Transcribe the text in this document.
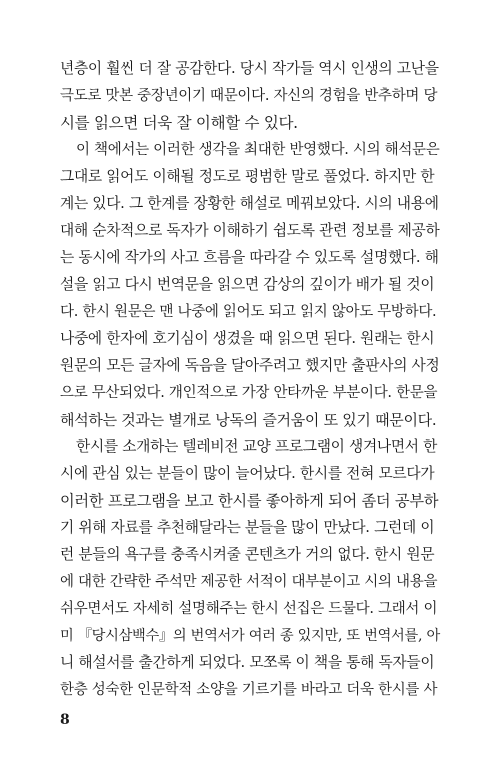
년층이 훨씬 더 잘 공감한다. 당시 작가들 역시 인생의 고난을
극도로 맛본 중장년이기 때문이다. 자신의 경험을 반추하며 당
시를 읽으면 더욱 잘 이해할 수 있다.
이 책에서는 이러한 생각을 최대한 반영했다. 시의 해석문은
그대로 읽어도 이해될 정도로 평범한 말로 풀었다. 하지만 한
계는 있다. 그 한계를 장황한 해설로 메꿔보았다. 시의 내용에
대해 순차적으로 독자가 이해하기 쉽도록 관련 정보를 제공하
는 동시에 작가의 사고 흐름을 따라갈 수 있도록 설명했다. 해
설을 읽고 다시 번역문을 읽으면 감상의 깊이가 배가 될 것이
다. 한시 원문은 맨 나중에 읽어도 되고 읽지 않아도 무방하다.
나중에 한자에 호기심이 생겼을 때 읽으면 된다. 원래는 한시
원문의 모든 글자에 독음을 달아주려고 했지만 출판사의 사정
으로 무산되었다. 개인적으로 가장 안타까운 부분이다. 한문을
해석하는 것과는 별개로 낭독의 즐거움이 또 있기 때문이다.
한시를 소개하는 텔레비전 교양 프로그램이 생겨나면서 한
시에 관심 있는 분들이 많이 늘어났다. 한시를 전혀 모르다가
이러한 프로그램을 보고 한시를 좋아하게 되어 좀더 공부하
기 위해 자료를 추천해달라는 분들을 많이 만났다. 그런데 이
런 분들의 욕구를 충족시켜줄 콘텐츠가 거의 없다. 한시 원문
에 대한 간략한 주석만 제공한 서적이 대부분이고 시의 내용을
쉬우면서도 자세히 설명해주는 한시 선집은 드물다. 그래서 이
미 『당시삼백수』의 번역서가 여러 종 있지만, 또 번역서를, 아
니 해설서를 출간하게 되었다. 모쪼록 이 책을 통해 독자들이
한층 성숙한 인문학적 소양을 기르기를 바라고 더욱 한시를 사
8
